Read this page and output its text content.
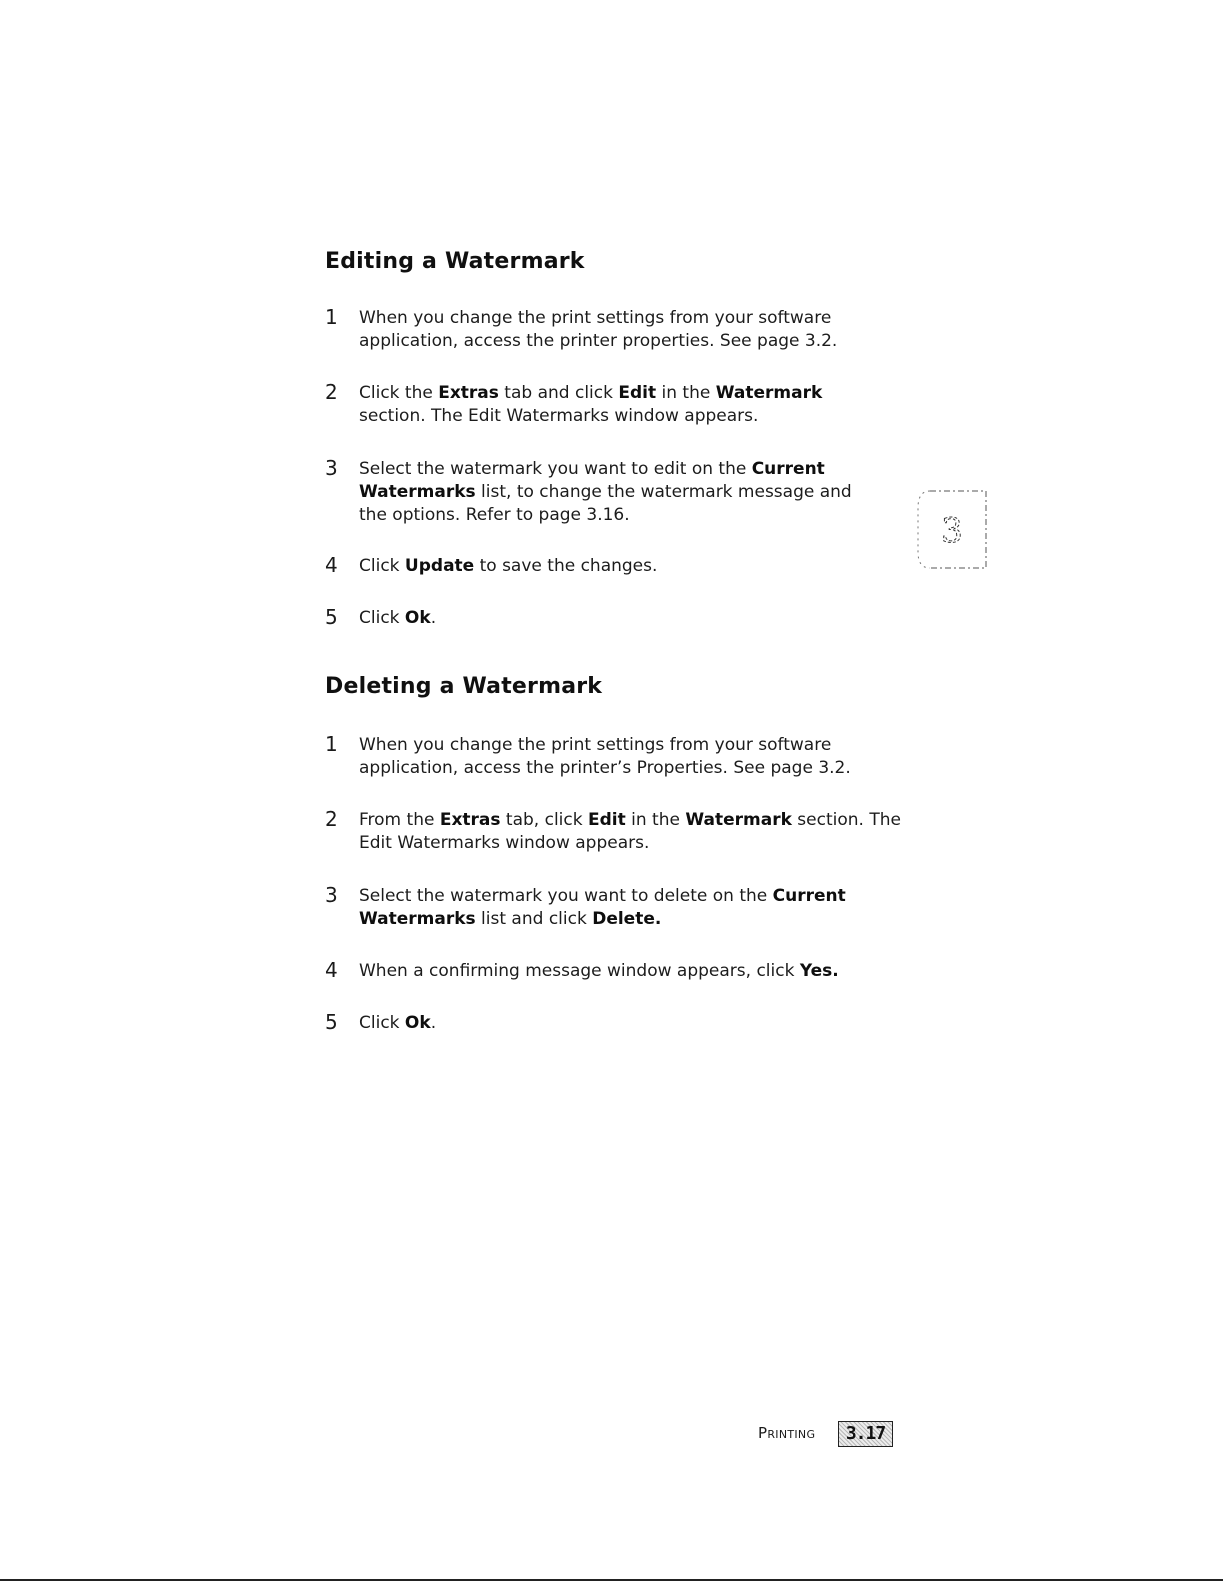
Editing a Watermark
1 When you change the print settings from your software application, access the printer properties. See page 3.2.
2 Click the Extras tab and click Edit in the Watermark section. The Edit Watermarks window appears.
3 Select the watermark you want to edit on the Current Watermarks list, to change the watermark message and the options. Refer to page 3.16.
4 Click Update to save the changes.
5 Click Ok.
Deleting a Watermark
1 When you change the print settings from your software application, access the printer’s Properties. See page 3.2.
2 From the Extras tab, click Edit in the Watermark section. The Edit Watermarks window appears.
3 Select the watermark you want to delete on the Current Watermarks list and click Delete.
4 When a confirming message window appears, click Yes.
5 Click Ok.
3
Printing	3.17
